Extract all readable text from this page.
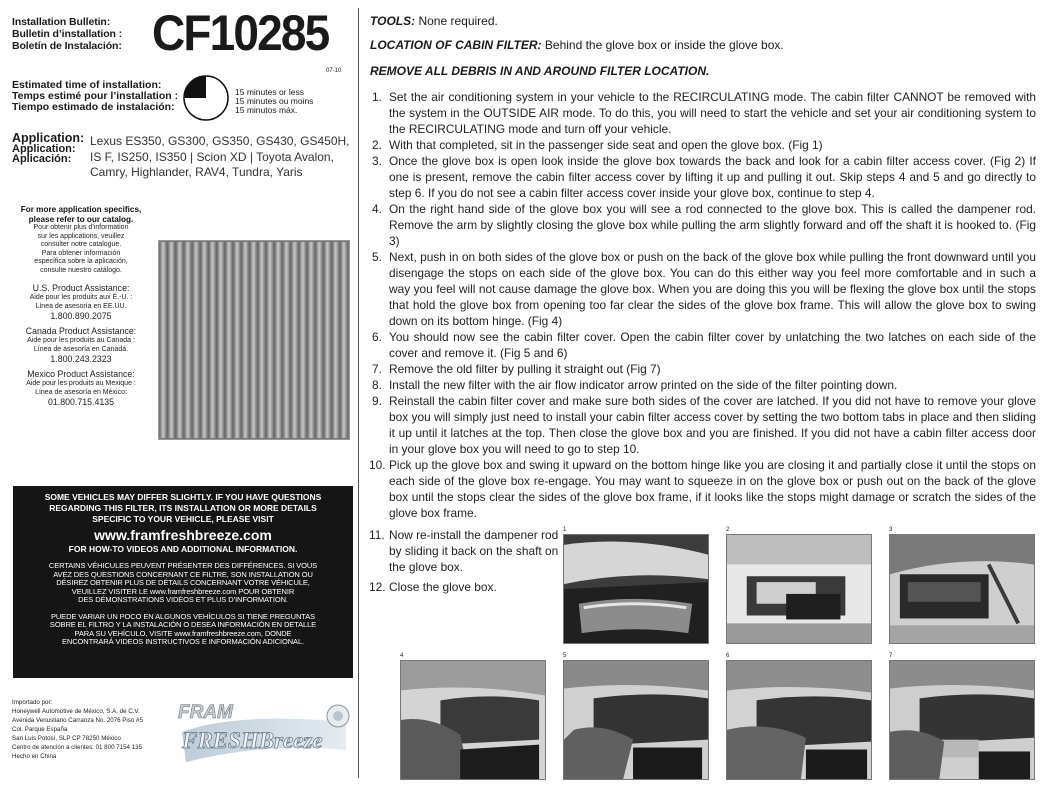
Installation Bulletin:
Bulletin d’installation :
Boletín de Instalación: CF10285
07-10
Estimated time of installation:
Temps estimé pour l’installation :
Tiempo estimado de instalación:
15 minutes or less
15 minutes ou moins
15 minutos máx.
Application:
Application:
Aplicación:
Lexus ES350, GS300, GS350, GS430, GS450H, IS F, IS250, IS350 | Scion XD | Toyota Avalon, Camry, Highlander, RAV4, Tundra, Yaris
For more application specifics,
please refer to our catalog.
Pour obtenir plus d’information
sur les applications, veuillez
consulter notre catalogue.
Para obtener información
específica sobre la aplicación,
consulte nuestro catálogo.
U.S. Product Assistance:
Aide pour les produits aux É.-U. :
Línea de asesoría en EE.UU.
1.800.890.2075
Canada Product Assistance:
Aide pour les produits au Canada :
Línea de asesoría en Canadá.
1.800.243.2323
Mexico Product Assistance:
Aide pour les produits au Mexique :
Línea de asesoría en México:
01.800.715.4135
SOME VEHICLES MAY DIFFER SLIGHTLY. IF YOU HAVE QUESTIONS
REGARDING THIS FILTER, ITS INSTALLATION OR MORE DETAILS
SPECIFIC TO YOUR VEHICLE, PLEASE VISIT
www.framfreshbreeze.com
FOR HOW-TO VIDEOS AND ADDITIONAL INFORMATION.
CERTAINS VÉHICULES PEUVENT PRÉSENTER DES DIFFÉRENCES. SI VOUS
AVEZ DES QUESTIONS CONCERNANT CE FILTRE, SON INSTALLATION OU
DÉSIREZ OBTENIR PLUS DE DÉTAILS CONCERNANT VOTRE VÉHICULE,
VEUILLEZ VISITER LE www.framfreshbreeze.com POUR OBTENIR
DES DÉMONSTRATIONS VIDÉOS ET PLUS D’INFORMATION.
PUEDE VARIAR UN POCO EN ALGUNOS VEHÍCULOS SI TIENE PREGUNTAS
SOBRE EL FILTRO Y LA INSTALACIÓN O DESEA INFORMACIÓN EN DETALLE
PARA SU VEHÍCULO, VISITE www.framfreshbreeze.com, DONDE
ENCONTRARÁ VIDEOS INSTRUCTIVOS E INFORMACIÓN ADICIONAL.
Importado por:
Honeywell Automotive de México, S.A. de C.V.
Avenida Venustiano Carranza No. 2076 Piso #5
Col. Parque España
San Luis Potosí, SLP CP 78250 México
Centro de atención a clientes: 01 800 7154 135
Hecho en China
FRAM
FRESHBreeze
TOOLS: None required.
LOCATION OF CABIN FILTER: Behind the glove box or inside the glove box.
REMOVE ALL DEBRIS IN AND AROUND FILTER LOCATION.
1. Set the air conditioning system in your vehicle to the RECIRCULATING mode. The cabin filter CANNOT be removed with the system in the OUTSIDE AIR mode. To do this, you will need to start the vehicle and set your air conditioning system to the RECIRCULATING mode and turn off your vehicle.
2. With that completed, sit in the passenger side seat and open the glove box. (Fig 1)
3. Once the glove box is open look inside the glove box towards the back and look for a cabin filter access cover. (Fig 2) If one is present, remove the cabin filter access cover by lifting it up and pulling it out. Skip steps 4 and 5 and go directly to step 6. If you do not see a cabin filter access cover inside your glove box, continue to step 4.
4. On the right hand side of the glove box you will see a rod connected to the glove box. This is called the dampener rod. Remove the arm by slightly closing the glove box while pulling the arm slightly forward and off the shaft it is hooked to. (Fig 3)
5. Next, push in on both sides of the glove box or push on the back of the glove box while pulling the front downward until you disengage the stops on each side of the glove box. You can do this either way you feel more comfortable and in such a way you feel will not cause damage the glove box. When you are doing this you will be flexing the glove box until the stops that hold the glove box from opening too far clear the sides of the glove box frame. This will allow the glove box to swing down on its bottom hinge. (Fig 4)
6. You should now see the cabin filter cover. Open the cabin filter cover by unlatching the two latches on each side of the cover and remove it. (Fig 5 and 6)
7. Remove the old filter by pulling it straight out (Fig 7)
8. Install the new filter with the air flow indicator arrow printed on the side of the filter pointing down.
9. Reinstall the cabin filter cover and make sure both sides of the cover are latched. If you did not have to remove your glove box you will simply just need to install your cabin filter access cover by setting the two bottom tabs in place and then sliding it up until it latches at the top. Then close the glove box and you are finished. If you did not have a cabin filter access door in your glove box you will need to go to step 10.
10. Pick up the glove box and swing it upward on the bottom hinge like you are closing it and partially close it until the stops on each side of the glove box re-engage. You may want to squeeze in on the glove box or push out on the back of the glove box until the stops clear the sides of the glove box frame, if it looks like the stops might damage or scratch the sides of the glove box frame.
11. Now re-install the dampener rod by sliding it back on the shaft on the glove box.
12. Close the glove box.
1	2	3
4	5	6	7
